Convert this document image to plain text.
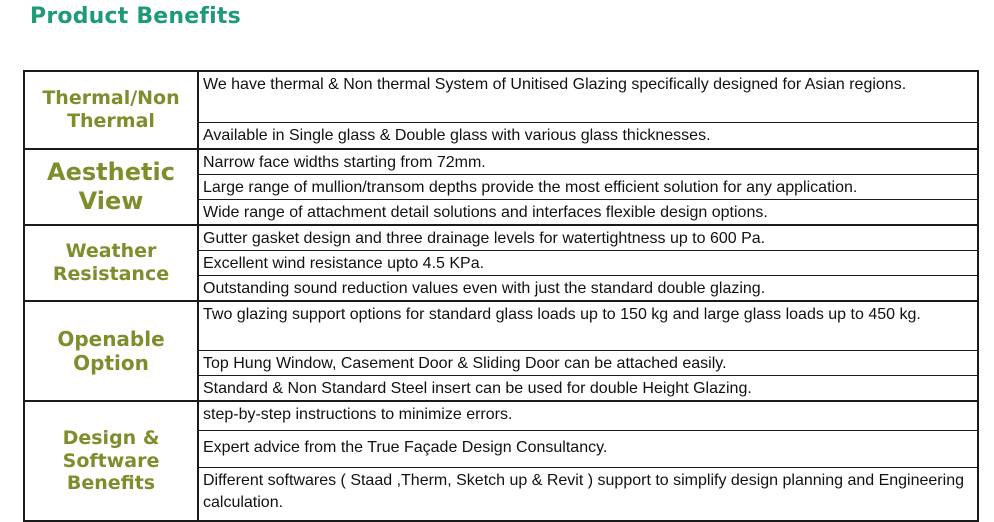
Product Benefits
Thermal/Non Thermal	We have thermal & Non thermal System of Unitised Glazing specifically designed for Asian regions.
	Available in Single glass & Double glass with various glass thicknesses.
Aesthetic View	Narrow face widths starting from 72mm.
	Large range of mullion/transom depths provide the most efficient solution for any application.
	Wide range of attachment detail solutions and interfaces flexible design options.
Weather Resistance	Gutter gasket design and three drainage levels for watertightness up to 600 Pa.
	Excellent wind resistance upto 4.5 KPa.
	Outstanding sound reduction values even with just the standard double glazing.
Openable Option	Two glazing support options for standard glass loads up to 150 kg and large glass loads up to 450 kg.
	Top Hung Window, Casement Door & Sliding Door can be attached easily.
	Standard & Non Standard Steel insert can be used for double Height Glazing.
Design & Software Benefits	step-by-step instructions to minimize errors.
	Expert advice from the True Façade Design Consultancy.
	Different softwares ( Staad ,Therm, Sketch up & Revit ) support to simplify design planning and Engineering calculation.
